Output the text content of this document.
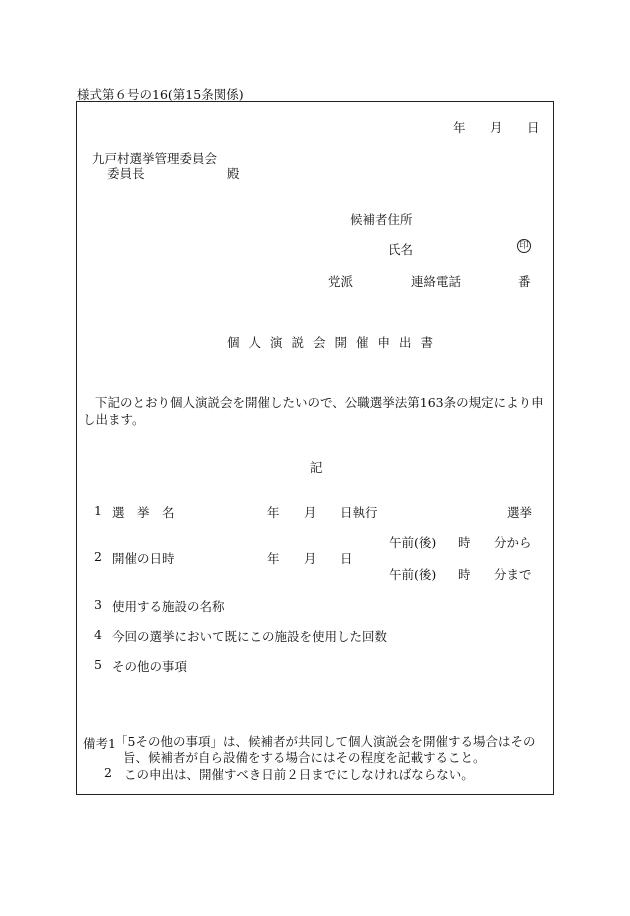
様式第６号の16(第15条関係)
年 月 日
九戸村選挙管理委員会
委員長	殿
候補者住所
氏名	印
党派	連絡電話	番
個人演説会開催申出書
下記のとおり個人演説会を開催したいので、公職選挙法第163条の規定により申し出ます。
記
1 選　挙　名	年 月 日執行	選挙
午前(後) 時 分から
2 開催の日時	年 月 日
午前(後) 時 分まで
3 使用する施設の名称
4 今回の選挙において既にこの施設を使用した回数
5 その他の事項
備考1 「5その他の事項」は、候補者が共同して個人演説会を開催する場合はその旨、候補者が自ら設備をする場合にはその程度を記載すること。
2 この申出は、開催すべき日前２日までにしなければならない。
